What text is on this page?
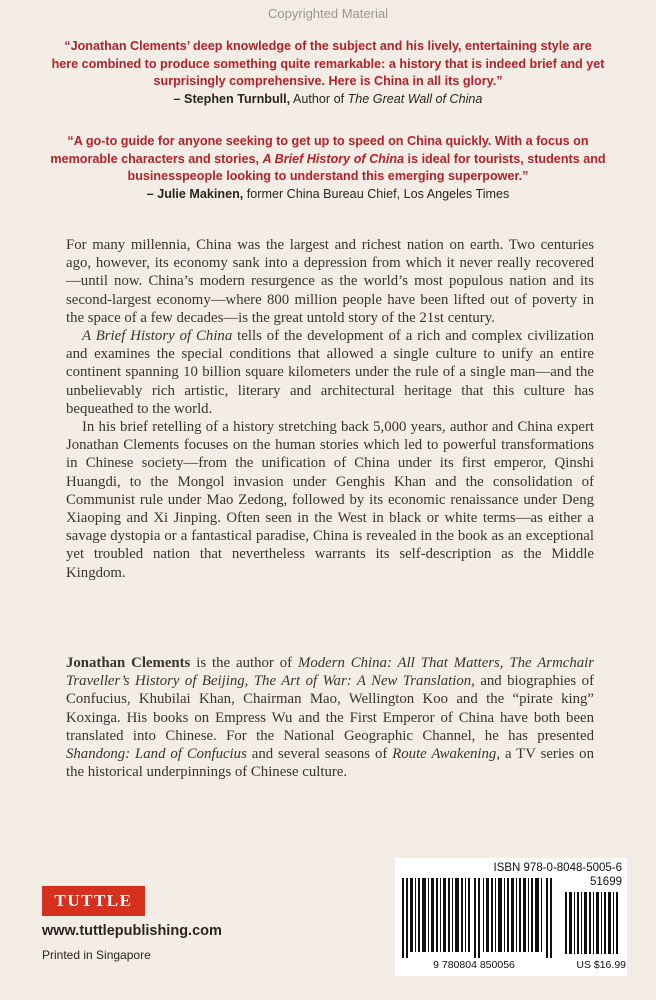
Copyrighted Material
“Jonathan Clements’ deep knowledge of the subject and his lively, entertaining style are here combined to produce something quite remarkable: a history that is indeed brief and yet surprisingly comprehensive. Here is China in all its glory.”
– Stephen Turnbull, Author of The Great Wall of China
“A go-to guide for anyone seeking to get up to speed on China quickly. With a focus on memorable characters and stories, A Brief History of China is ideal for tourists, students and businesspeople looking to understand this emerging superpower.”
– Julie Makinen, former China Bureau Chief, Los Angeles Times

For many millennia, China was the largest and richest nation on earth. Two centuries ago, however, its economy sank into a depression from which it never really recovered—until now. China’s modern resurgence as the world’s most populous nation and its second-largest economy—where 800 million people have been lifted out of poverty in the space of a few decades—is the great untold story of the 21st century.

A Brief History of China tells of the development of a rich and complex civilization and examines the special conditions that allowed a single culture to unify an entire continent spanning 10 billion square kilometers under the rule of a single man—and the unbelievably rich artistic, literary and architectural heritage that this culture has bequeathed to the world.

In his brief retelling of a history stretching back 5,000 years, author and China expert Jonathan Clements focuses on the human stories which led to powerful transformations in Chinese society—from the unification of China under its first emperor, Qinshi Huangdi, to the Mongol invasion under Genghis Khan and the consolidation of Communist rule under Mao Zedong, followed by its economic renaissance under Deng Xiaoping and Xi Jinping. Often seen in the West in black or white terms—as either a savage dystopia or a fantastical paradise, China is revealed in the book as an exceptional yet troubled nation that nevertheless warrants its self-description as the Middle Kingdom.

Jonathan Clements is the author of Modern China: All That Matters, The Armchair Traveller’s History of Beijing, The Art of War: A New Translation, and biographies of Confucius, Khubilai Khan, Chairman Mao, Wellington Koo and the “pirate king” Koxinga. His books on Empress Wu and the First Emperor of China have both been translated into Chinese. For the National Geographic Channel, he has presented Shandong: Land of Confucius and several seasons of Route Awakening, a TV series on the historical underpinnings of Chinese culture.

ISBN 978-0-8048-5005-6
51699
9 780804 850056	US $16.99
TUTTLE
www.tuttlepublishing.com
Printed in Singapore
